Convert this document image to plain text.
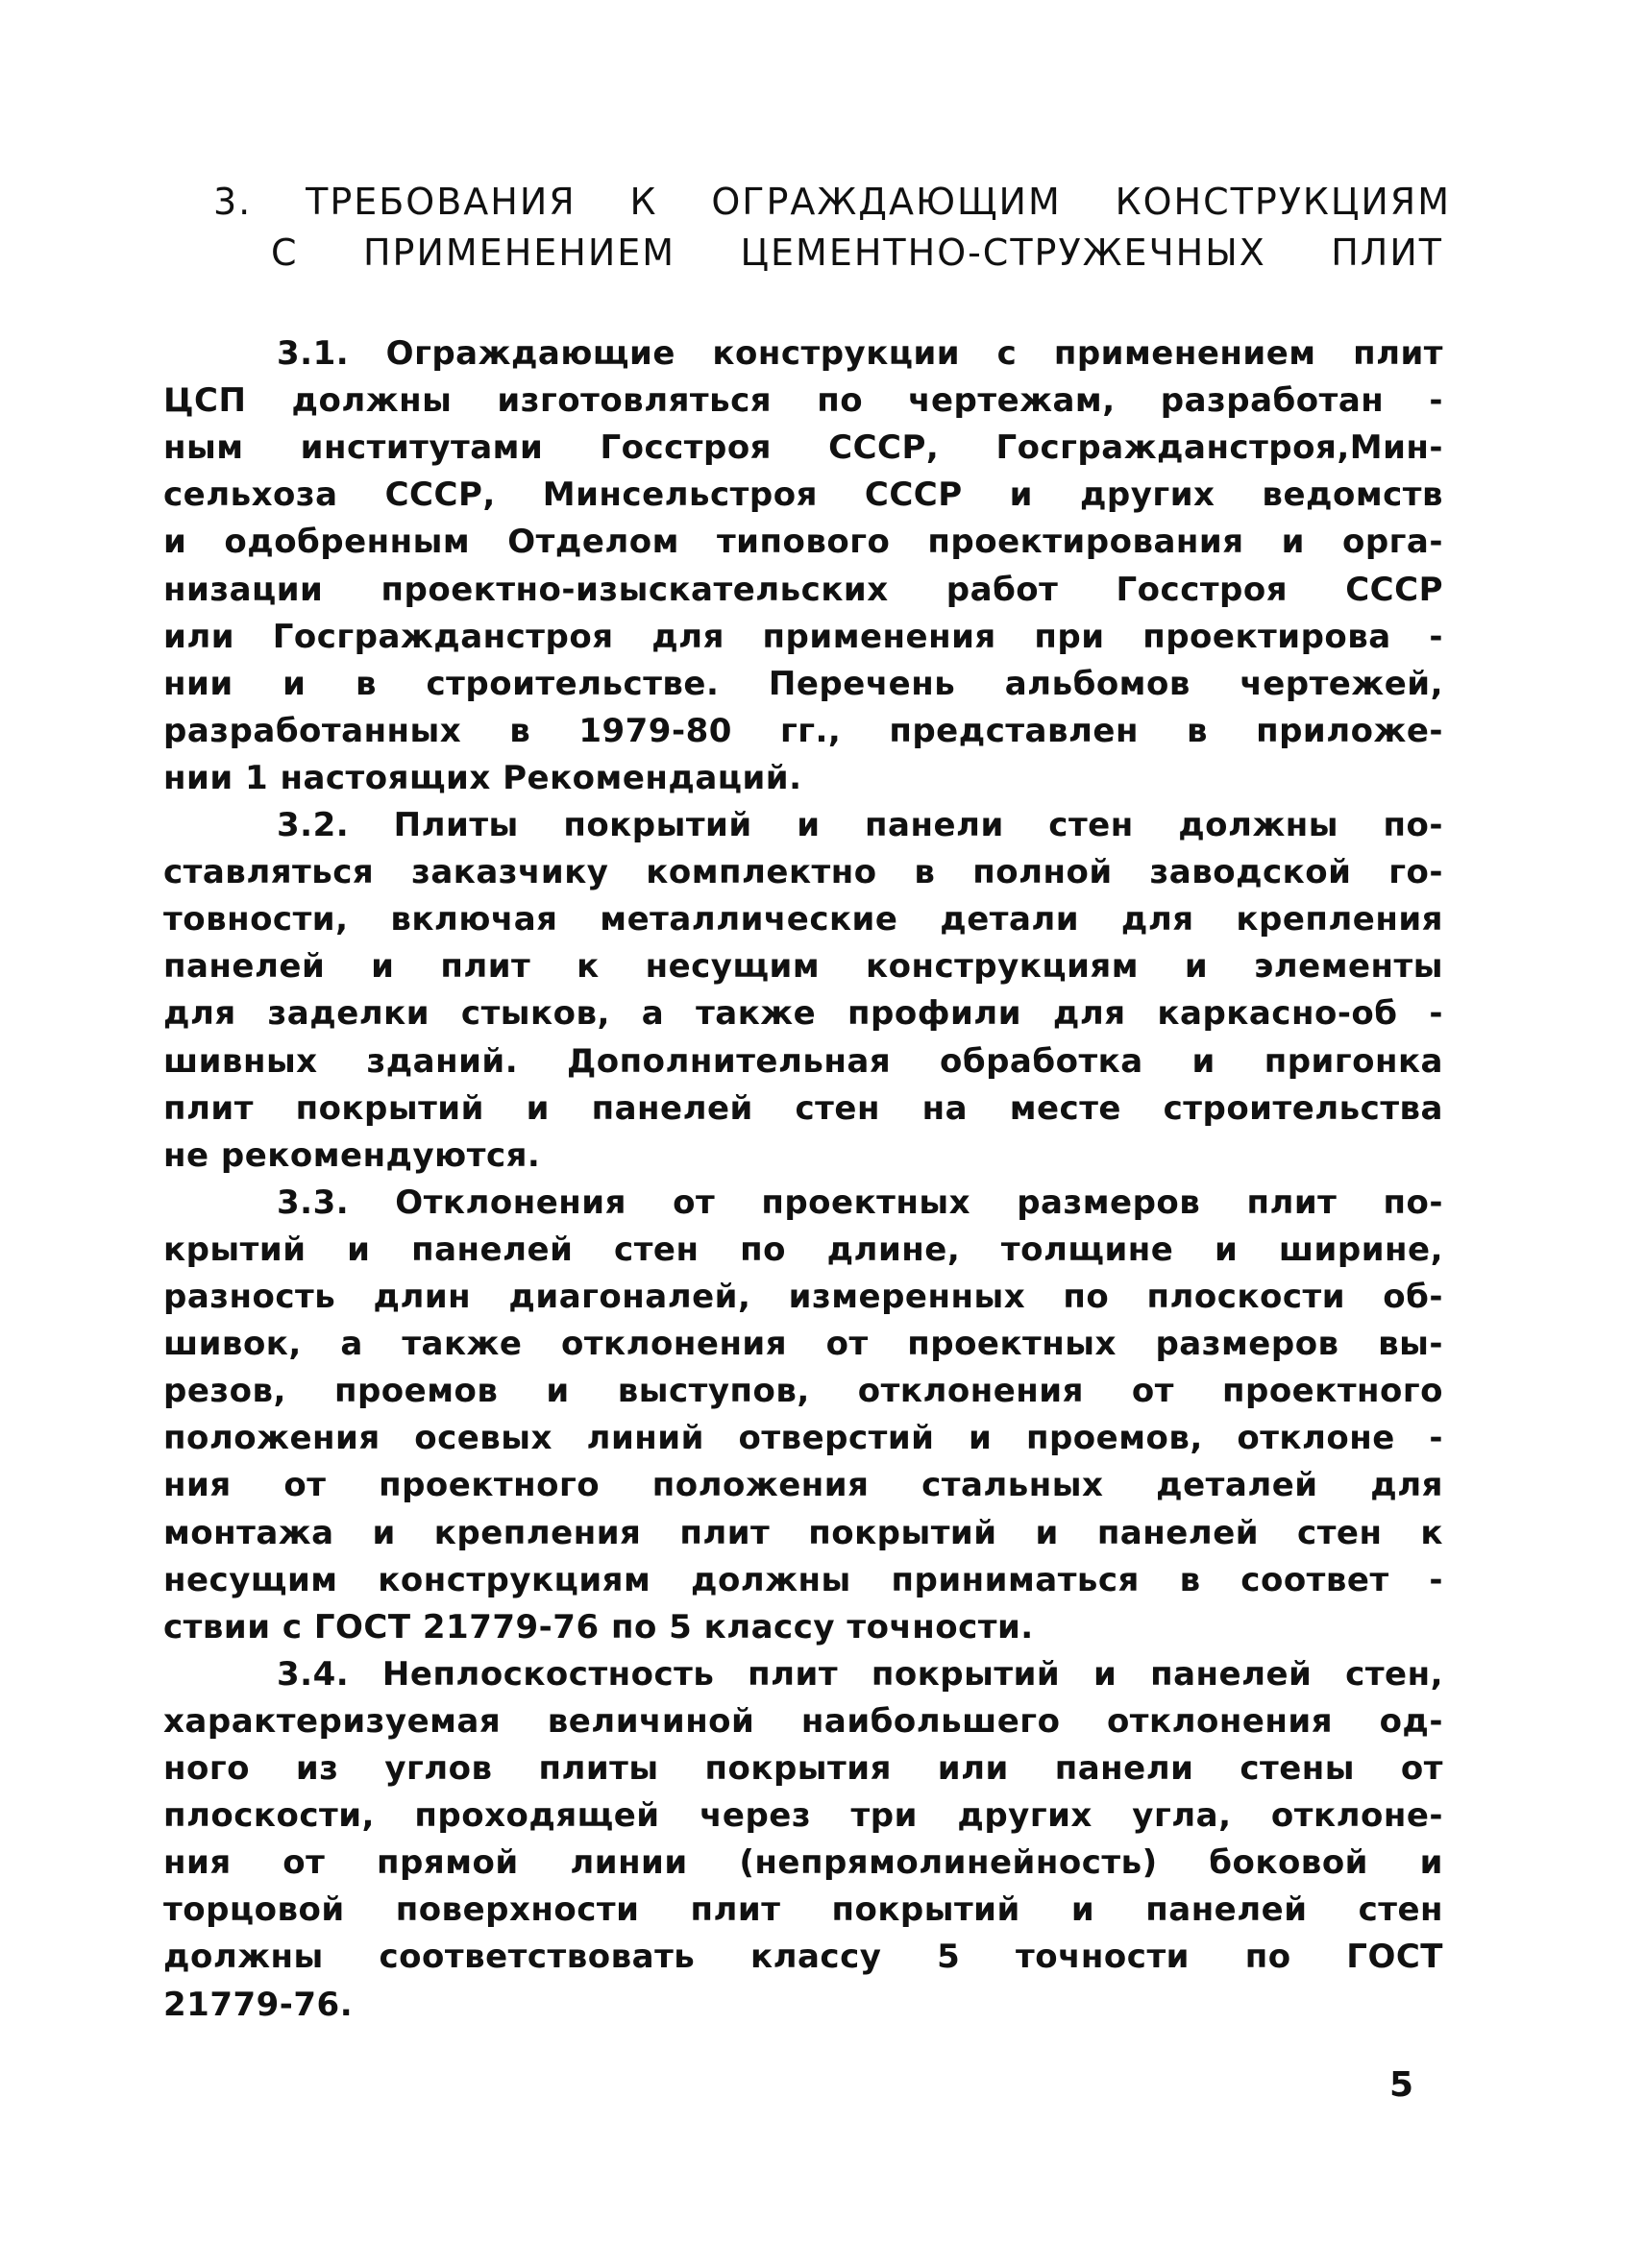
3. ТРЕБОВАНИЯ К ОГРАЖДАЮЩИМ КОНСТРУКЦИЯМ
С ПРИМЕНЕНИЕМ ЦЕМЕНТНО-СТРУЖЕЧНЫХ ПЛИТ
3.1. Ограждающие конструкции с применением плит
ЦСП должны изготовляться по чертежам, разработан -
ным институтами Госстроя СССР, Госгражданстроя,Мин-
сельхоза СССР, Минсельстроя СССР и других ведомств
и одобренным Отделом типового проектирования и орга-
низации проектно-изыскательских работ Госстроя СССР
или Госгражданстроя для применения при проектирова -
нии и в строительстве. Перечень альбомов чертежей,
разработанных в 1979-80 гг., представлен в приложе-
нии 1 настоящих Рекомендаций.
3.2. Плиты покрытий и панели стен должны по-
ставляться заказчику комплектно в полной заводской го-
товности, включая металлические детали для крепления
панелей и плит к несущим конструкциям и элементы
для заделки стыков, а также профили для каркасно-об -
шивных зданий. Дополнительная обработка и пригонка
плит покрытий и панелей стен на месте строительства
не рекомендуются.
3.3. Отклонения от проектных размеров плит по-
крытий и панелей стен по длине, толщине и ширине,
разность длин диагоналей, измеренных по плоскости об-
шивок, а также отклонения от проектных размеров вы-
резов, проемов и выступов, отклонения от проектного
положения осевых линий отверстий и проемов, отклоне -
ния от проектного положения стальных деталей для
монтажа и крепления плит покрытий и панелей стен к
несущим конструкциям должны приниматься в соответ -
ствии с ГОСТ 21779-76 по 5 классу точности.
3.4. Неплоскостность плит покрытий и панелей стен,
характеризуемая величиной наибольшего отклонения од-
ного из углов плиты покрытия или панели стены от
плоскости, проходящей через три других угла, отклоне-
ния от прямой линии (непрямолинейность) боковой и
торцовой поверхности плит покрытий и панелей стен
должны соответствовать классу 5 точности по ГОСТ
21779-76.
5
